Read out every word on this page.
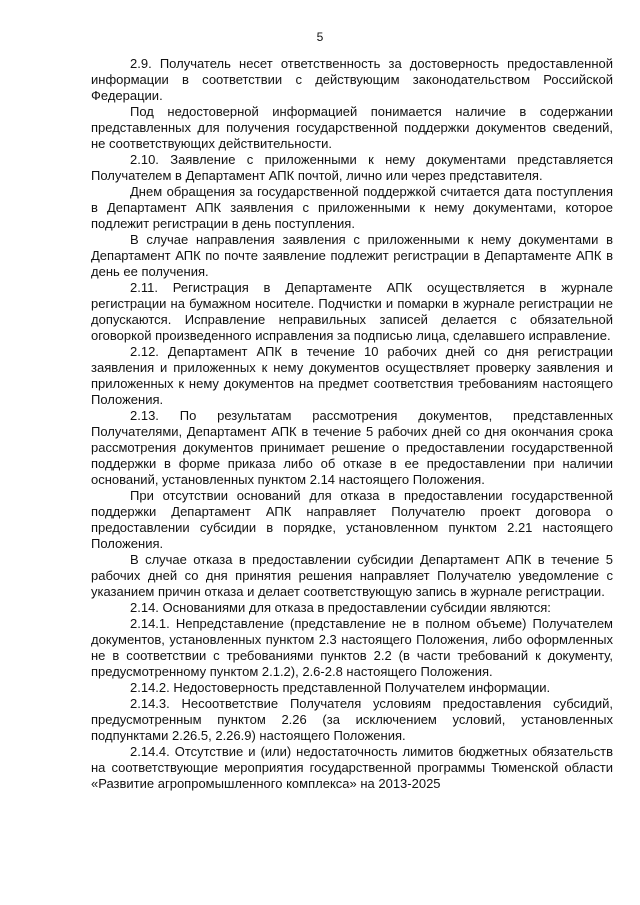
5

2.9. Получатель несет ответственность за достоверность предоставленной информации в соответствии с действующим законодательством Российской Федерации.

Под недостоверной информацией понимается наличие в содержании представленных для получения государственной поддержки документов сведений, не соответствующих действительности.

2.10. Заявление с приложенными к нему документами представляется Получателем в Департамент АПК почтой, лично или через представителя.

Днем обращения за государственной поддержкой считается дата поступления в Департамент АПК заявления с приложенными к нему документами, которое подлежит регистрации в день поступления.

В случае направления заявления с приложенными к нему документами в Департамент АПК по почте заявление подлежит регистрации в Департаменте АПК в день ее получения.

2.11. Регистрация в Департаменте АПК осуществляется в журнале регистрации на бумажном носителе. Подчистки и помарки в журнале регистрации не допускаются. Исправление неправильных записей делается с обязательной оговоркой произведенного исправления за подписью лица, сделавшего исправление.

2.12. Департамент АПК в течение 10 рабочих дней со дня регистрации заявления и приложенных к нему документов осуществляет проверку заявления и приложенных к нему документов на предмет соответствия требованиям настоящего Положения.

2.13. По результатам рассмотрения документов, представленных Получателями, Департамент АПК в течение 5 рабочих дней со дня окончания срока рассмотрения документов принимает решение о предоставлении государственной поддержки в форме приказа либо об отказе в ее предоставлении при наличии оснований, установленных пунктом 2.14 настоящего Положения.

При отсутствии оснований для отказа в предоставлении государственной поддержки Департамент АПК направляет Получателю проект договора о предоставлении субсидии в порядке, установленном пунктом 2.21 настоящего Положения.

В случае отказа в предоставлении субсидии Департамент АПК в течение 5 рабочих дней со дня принятия решения направляет Получателю уведомление с указанием причин отказа и делает соответствующую запись в журнале регистрации.

2.14. Основаниями для отказа в предоставлении субсидии являются:

2.14.1. Непредставление (представление не в полном объеме) Получателем документов, установленных пунктом 2.3 настоящего Положения, либо оформленных не в соответствии с требованиями пунктов 2.2 (в части требований к документу, предусмотренному пунктом 2.1.2), 2.6-2.8 настоящего Положения.

2.14.2. Недостоверность представленной Получателем информации.

2.14.3. Несоответствие Получателя условиям предоставления субсидий, предусмотренным пунктом 2.26 (за исключением условий, установленных подпунктами 2.26.5, 2.26.9) настоящего Положения.

2.14.4. Отсутствие и (или) недостаточность лимитов бюджетных обязательств на соответствующие мероприятия государственной программы Тюменской области «Развитие агропромышленного комплекса» на 2013-2025
